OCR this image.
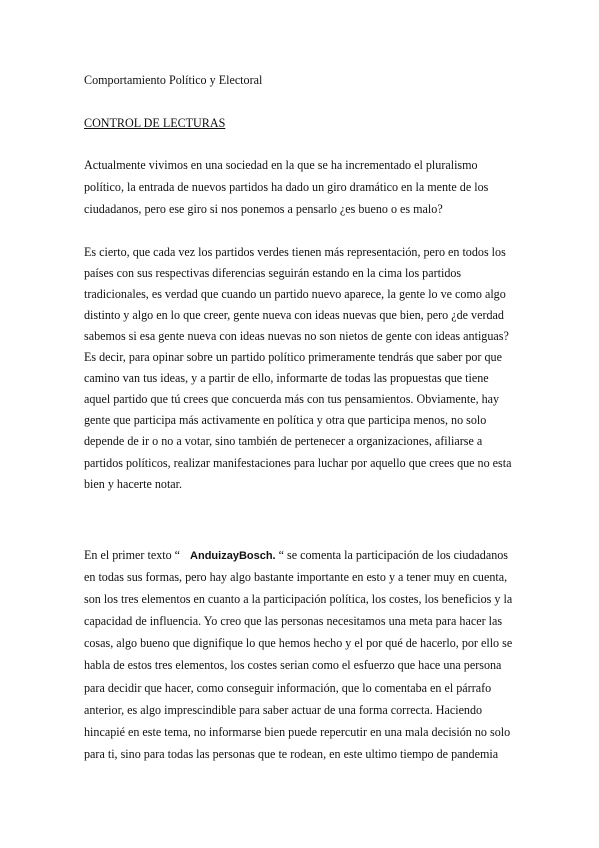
Comportamiento Político y Electoral
CONTROL DE LECTURAS
Actualmente vivimos en una sociedad en la que se ha incrementado el pluralismo
político, la entrada de nuevos partidos ha dado un giro dramático en la mente de los
ciudadanos, pero ese giro si nos ponemos a pensarlo ¿es bueno o es malo?
Es cierto, que cada vez los partidos verdes tienen más representación, pero en todos los
países con sus respectivas diferencias seguirán estando en la cima los partidos
tradicionales, es verdad que cuando un partido nuevo aparece, la gente lo ve como algo
distinto y algo en lo que creer, gente nueva con ideas nuevas que bien, pero ¿de verdad
sabemos si esa gente nueva con ideas nuevas no son nietos de gente con ideas antiguas?
Es decir, para opinar sobre un partido político primeramente tendrás que saber por que
camino van tus ideas, y a partir de ello, informarte de todas las propuestas que tiene
aquel partido que tú crees que concuerda más con tus pensamientos. Obviamente, hay
gente que participa más activamente en política y otra que participa menos, no solo
depende de ir o no a votar, sino también de pertenecer a organizaciones, afiliarse a
partidos políticos, realizar manifestaciones para luchar por aquello que crees que no esta
bien y hacerte notar.
En el primer texto “ AnduizayBosch. “ se comenta la participación de los ciudadanos
en todas sus formas, pero hay algo bastante importante en esto y a tener muy en cuenta,
son los tres elementos en cuanto a la participación política, los costes, los beneficios y la
capacidad de influencia. Yo creo que las personas necesitamos una meta para hacer las
cosas, algo bueno que dignifique lo que hemos hecho y el por qué de hacerlo, por ello se
habla de estos tres elementos, los costes serian como el esfuerzo que hace una persona
para decidir que hacer, como conseguir información, que lo comentaba en el párrafo
anterior, es algo imprescindible para saber actuar de una forma correcta. Haciendo
hincapié en este tema, no informarse bien puede repercutir en una mala decisión no solo
para ti, sino para todas las personas que te rodean, en este ultimo tiempo de pandemia
